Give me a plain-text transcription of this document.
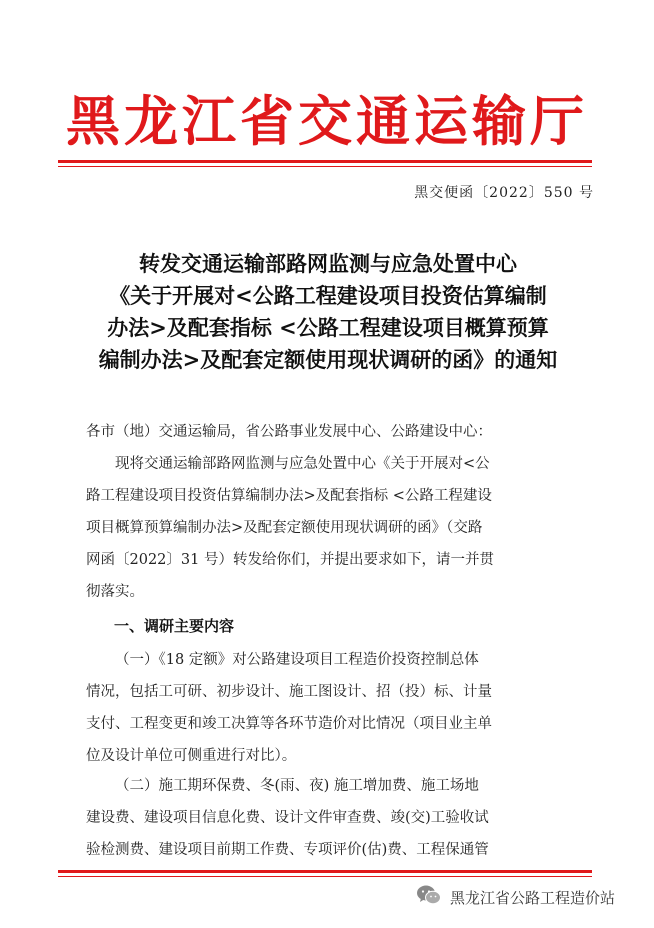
黑龙江省交通运输厅
黑交便函〔2022〕550 号
转发交通运输部路网监测与应急处置中心
《关于开展对<公路工程建设项目投资估算编制
办法>及配套指标 <公路工程建设项目概算预算
编制办法>及配套定额使用现状调研的函》的通知
各市（地）交通运输局，省公路事业发展中心、公路建设中心：
现将交通运输部路网监测与应急处置中心《关于开展对<公
路工程建设项目投资估算编制办法>及配套指标 <公路工程建设
项目概算预算编制办法>及配套定额使用现状调研的函》（交路
网函〔2022〕31 号）转发给你们，并提出要求如下，请一并贯
彻落实。
一、调研主要内容
（一）《18 定额》对公路建设项目工程造价投资控制总体
情况，包括工可研、初步设计、施工图设计、招（投）标、计量
支付、工程变更和竣工决算等各环节造价对比情况（项目业主单
位及设计单位可侧重进行对比）。
（二）施工期环保费、冬(雨、夜) 施工增加费、施工场地
建设费、建设项目信息化费、设计文件审查费、竣(交)工验收试
验检测费、建设项目前期工作费、专项评价(估)费、工程保通管
黑龙江省公路工程造价站
